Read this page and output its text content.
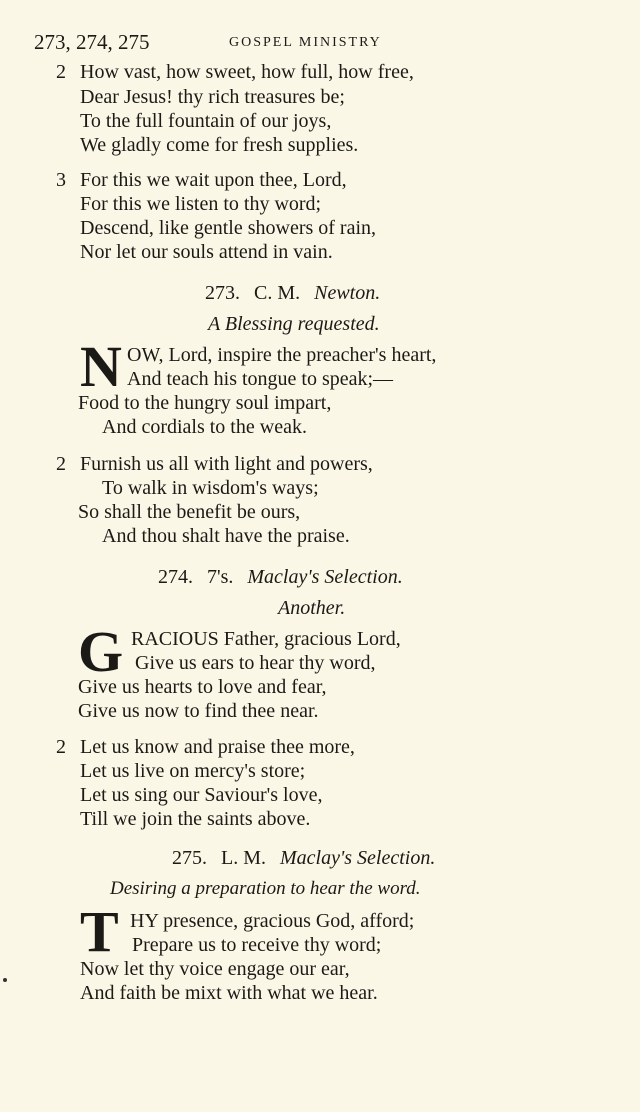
273, 274, 275	GOSPEL MINISTRY
2 How vast, how sweet, how full, how free,
Dear Jesus! thy rich treasures be;
To the full fountain of our joys,
We gladly come for fresh supplies.
3 For this we wait upon thee, Lord,
For this we listen to thy word;
Descend, like gentle showers of rain,
Nor let our souls attend in vain.
273. C. M. Newton.
A Blessing requested.
N OW, Lord, inspire the preacher's heart,
And teach his tongue to speak;—
Food to the hungry soul impart,
And cordials to the weak.
2 Furnish us all with light and powers,
To walk in wisdom's ways;
So shall the benefit be ours,
And thou shalt have the praise.
274. 7's. Maclay's Selection.
Another.
G RACIOUS Father, gracious Lord,
Give us ears to hear thy word,
Give us hearts to love and fear,
Give us now to find thee near.
2 Let us know and praise thee more,
Let us live on mercy's store;
Let us sing our Saviour's love,
Till we join the saints above.
275. L. M. Maclay's Selection.
Desiring a preparation to hear the word.
T HY presence, gracious God, afford;
Prepare us to receive thy word;
Now let thy voice engage our ear,
And faith be mixt with what we hear.
